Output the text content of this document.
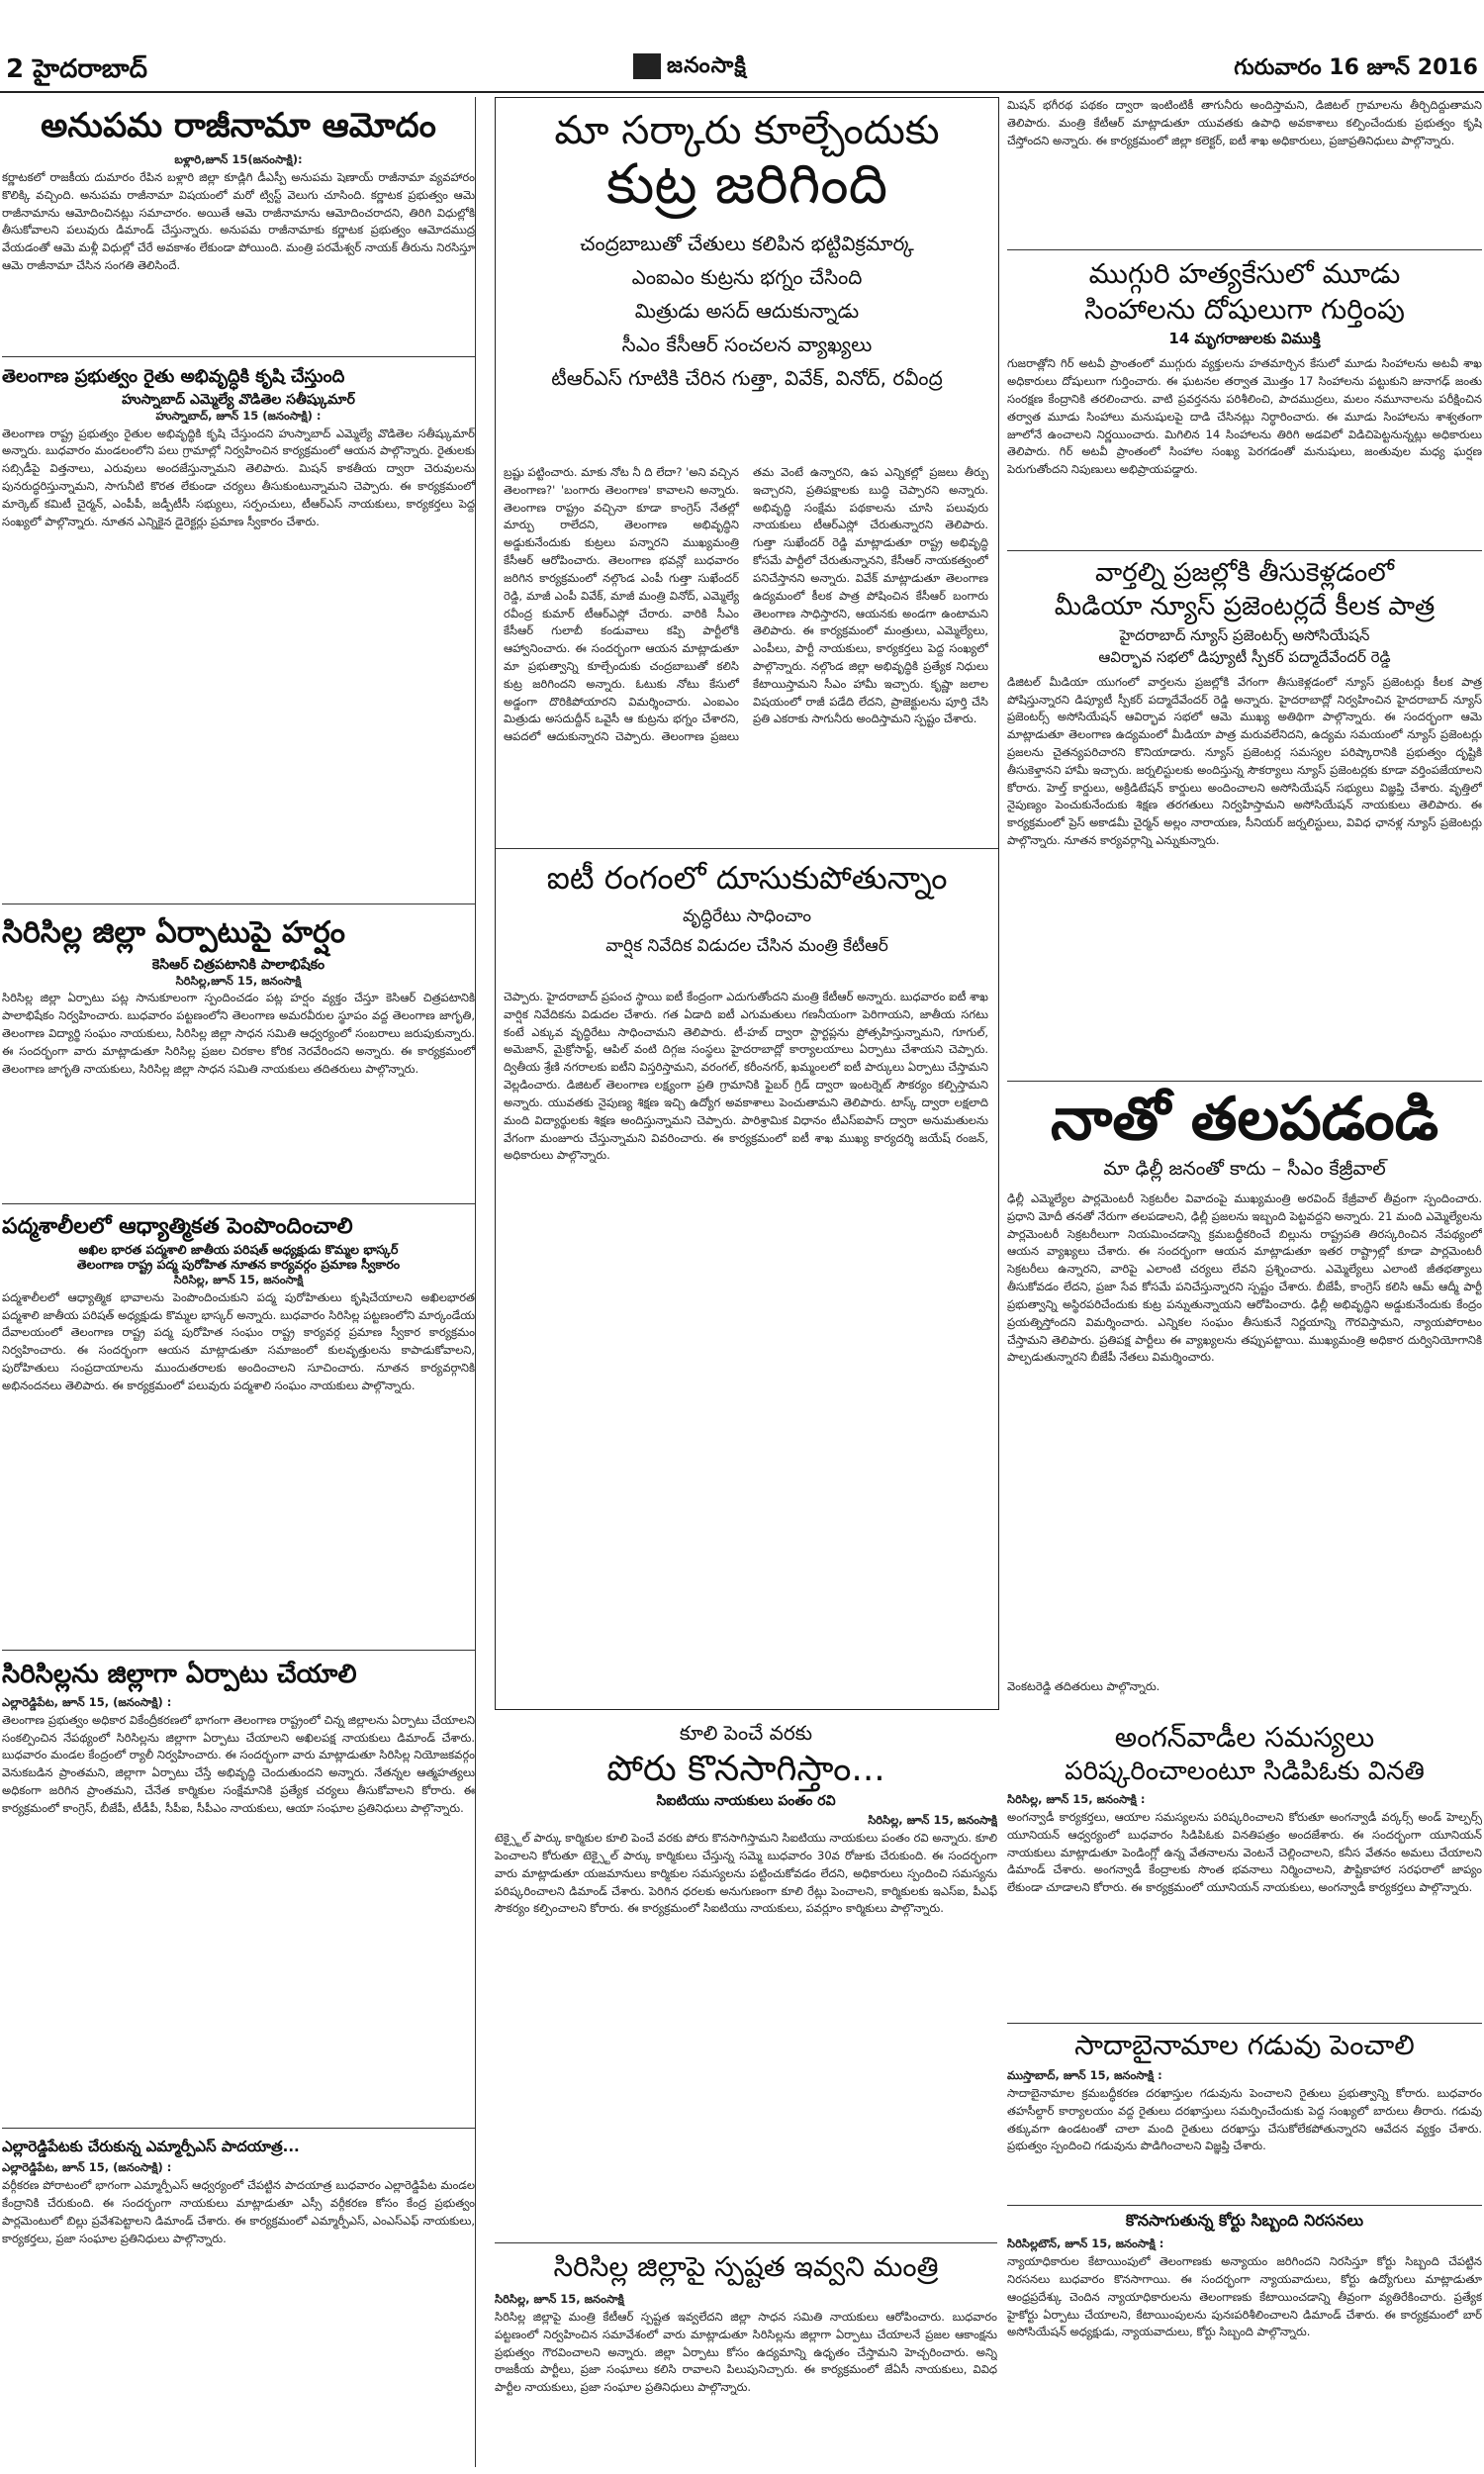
2 హైదరాబాద్	జనంసాక్షి	గురువారం 16 జూన్ 2016
అనుపమ రాజీనామా ఆమోదం
బళ్లారి,జూన్ 15(జనంసాక్షి):
కర్ణాటకలో రాజకీయ దుమారం రేపిన బళ్లారి జిల్లా కూడ్లిగి డీఎస్పీ అనుపమ షెణాయ్ రాజీనామా వ్యవహారం కొలిక్కి వచ్చింది. అనుపమ రాజీనామా విషయంలో మరో ట్విస్ట్ వెలుగు చూసింది. కర్ణాటక ప్రభుత్వం ఆమె రాజీనామాను ఆమోదించినట్లు సమాచారం. అయితే ఆమె రాజీనామాను ఆమోదించరాదని, తిరిగి విధుల్లోకి తీసుకోవాలని పలువురు డిమాండ్ చేస్తున్నారు. అనుపమ రాజీనామాకు కర్ణాటక ప్రభుత్వం ఆమోదముద్ర వేయడంతో ఆమె మళ్లీ విధుల్లో చేరే అవకాశం లేకుండా పోయింది. మంత్రి పరమేశ్వర్ నాయక్ తీరును నిరసిస్తూ ఆమె రాజీనామా చేసిన సంగతి తెలిసిందే.
తెలంగాణ ప్రభుత్వం రైతు అభివృద్ధికి కృషి చేస్తుంది
హుస్నాబాద్ ఎమ్మెల్యే వొడితెల సతీష్కుమార్
హుస్నాబాద్, జూన్ 15 (జనంసాక్షి) :
తెలంగాణ రాష్ట్ర ప్రభుత్వం రైతుల అభివృద్ధికి కృషి చేస్తుందని హుస్నాబాద్ ఎమ్మెల్యే వొడితెల సతీష్కుమార్ అన్నారు. బుధవారం మండలంలోని పలు గ్రామాల్లో నిర్వహించిన కార్యక్రమంలో ఆయన పాల్గొన్నారు. రైతులకు సబ్సిడీపై విత్తనాలు, ఎరువులు అందజేస్తున్నామని తెలిపారు. మిషన్ కాకతీయ ద్వారా చెరువులను పునరుద్ధరిస్తున్నామని, సాగునీటి కొరత లేకుండా చర్యలు తీసుకుంటున్నామని చెప్పారు. ఈ కార్యక్రమంలో మార్కెట్ కమిటీ చైర్మన్, ఎంపీపీ, జడ్పీటీసీ సభ్యులు, సర్పంచులు, టీఆర్ఎస్ నాయకులు, కార్యకర్తలు పెద్ద సంఖ్యలో పాల్గొన్నారు. నూతన ఎన్నికైన డైరెక్టర్లు ప్రమాణ స్వీకారం చేశారు.
సిరిసిల్ల జిల్లా ఏర్పాటుపై హర్షం
కెసిఆర్ చిత్రపటానికి పాలాభిషేకం
సిరిసిల్ల,జూన్ 15, జనంసాక్షి
సిరిసిల్ల జిల్లా ఏర్పాటు పట్ల సానుకూలంగా స్పందించడం పట్ల హర్షం వ్యక్తం చేస్తూ కెసిఆర్ చిత్రపటానికి పాలాభిషేకం నిర్వహించారు. బుధవారం పట్టణంలోని తెలంగాణ అమరవీరుల స్థూపం వద్ద తెలంగాణ జాగృతి, తెలంగాణ విద్యార్థి సంఘం నాయకులు, సిరిసిల్ల జిల్లా సాధన సమితి ఆధ్వర్యంలో సంబరాలు జరుపుకున్నారు. ఈ సందర్భంగా వారు మాట్లాడుతూ సిరిసిల్ల ప్రజల చిరకాల కోరిక నెరవేరిందని అన్నారు. ఈ కార్యక్రమంలో తెలంగాణ జాగృతి నాయకులు, సిరిసిల్ల జిల్లా సాధన సమితి నాయకులు తదితరులు పాల్గొన్నారు.
పద్మశాలీలలో ఆధ్యాత్మికత పెంపొందించాలి
అఖిల భారత పద్మశాలి జాతీయ పరిషత్ అధ్యక్షుడు కొమ్మల భాస్కర్
తెలంగాణ రాష్ట్ర పద్మ పురోహిత నూతన కార్యవర్గం ప్రమాణ స్వీకారం
సిరిసిల్ల, జూన్ 15, జనంసాక్షి
పద్మశాలీలలో ఆధ్యాత్మిక భావాలను పెంపొందించుకుని పద్మ పురోహితులు కృషిచేయాలని అఖిలభారత పద్మశాలి జాతీయ పరిషత్ అధ్యక్షుడు కొమ్మల భాస్కర్ అన్నారు. బుధవారం సిరిసిల్ల పట్టణంలోని మార్కండేయ దేవాలయంలో తెలంగాణ రాష్ట్ర పద్మ పురోహిత సంఘం రాష్ట్ర కార్యవర్గ ప్రమాణ స్వీకార కార్యక్రమం నిర్వహించారు. ఈ సందర్భంగా ఆయన మాట్లాడుతూ సమాజంలో కులవృత్తులను కాపాడుకోవాలని, పురోహితులు సంప్రదాయాలను ముందుతరాలకు అందించాలని సూచించారు. నూతన కార్యవర్గానికి అభినందనలు తెలిపారు. ఈ కార్యక్రమంలో పలువురు పద్మశాలి సంఘం నాయకులు పాల్గొన్నారు.
సిరిసిల్లను జిల్లాగా ఏర్పాటు చేయాలి
ఎల్లారెడ్డిపేట, జూన్ 15, (జనంసాక్షి) :
తెలంగాణ ప్రభుత్వం అధికార వికేంద్రీకరణలో భాగంగా తెలంగాణ రాష్ట్రంలో చిన్న జిల్లాలను ఏర్పాటు చేయాలని సంకల్పించిన నేపథ్యంలో సిరిసిల్లను జిల్లాగా ఏర్పాటు చేయాలని అఖిలపక్ష నాయకులు డిమాండ్ చేశారు. బుధవారం మండల కేంద్రంలో ర్యాలీ నిర్వహించారు. ఈ సందర్భంగా వారు మాట్లాడుతూ సిరిసిల్ల నియోజకవర్గం వెనుకబడిన ప్రాంతమని, జిల్లాగా ఏర్పాటు చేస్తే అభివృద్ధి చెందుతుందని అన్నారు. నేతన్నల ఆత్మహత్యలు అధికంగా జరిగిన ప్రాంతమని, చేనేత కార్మికుల సంక్షేమానికి ప్రత్యేక చర్యలు తీసుకోవాలని కోరారు. ఈ కార్యక్రమంలో కాంగ్రెస్, బీజేపీ, టీడీపీ, సీపీఐ, సీపీఎం నాయకులు, ఆయా సంఘాల ప్రతినిధులు పాల్గొన్నారు.
ఎల్లారెడ్డిపేటకు చేరుకున్న ఎమ్మార్పీఎస్ పాదయాత్ర...
ఎల్లారెడ్డిపేట, జూన్ 15, (జనంసాక్షి) :
వర్గీకరణ పోరాటంలో భాగంగా ఎమ్మార్పీఎస్ ఆధ్వర్యంలో చేపట్టిన పాదయాత్ర బుధవారం ఎల్లారెడ్డిపేట మండల కేంద్రానికి చేరుకుంది. ఈ సందర్భంగా నాయకులు మాట్లాడుతూ ఎస్సీ వర్గీకరణ కోసం కేంద్ర ప్రభుత్వం పార్లమెంటులో బిల్లు ప్రవేశపెట్టాలని డిమాండ్ చేశారు. ఈ కార్యక్రమంలో ఎమ్మార్పీఎస్, ఎంఎస్ఎఫ్ నాయకులు, కార్యకర్తలు, ప్రజా సంఘాల ప్రతినిధులు పాల్గొన్నారు.
మా సర్కారు కూల్చేందుకు
కుట్ర జరిగింది
చంద్రబాబుతో చేతులు కలిపిన భట్టివిక్రమార్క
ఎంఐఎం కుట్రను భగ్నం చేసింది
మిత్రుడు అసద్ ఆదుకున్నాడు
సీఎం కేసీఆర్ సంచలన వ్యాఖ్యలు
టీఆర్ఎస్ గూటికి చేరిన గుత్తా, వివేక్, వినోద్, రవీంద్ర
బ్రష్టు పట్టించారు. మాకు నోట నీ ది లేదా? 'అని వచ్చిన తెలంగాణ?' 'బంగారు తెలంగాణ' కావాలని అన్నారు. తెలంగాణ రాష్ట్రం వచ్చినా కూడా కాంగ్రెస్ నేతల్లో మార్పు రాలేదని, తెలంగాణ అభివృద్ధిని అడ్డుకునేందుకు కుట్రలు పన్నారని ముఖ్యమంత్రి కేసీఆర్ ఆరోపించారు. తెలంగాణ భవన్లో బుధవారం జరిగిన కార్యక్రమంలో నల్గొండ ఎంపీ గుత్తా సుఖేందర్ రెడ్డి, మాజీ ఎంపీ వివేక్, మాజీ మంత్రి వినోద్, ఎమ్మెల్యే రవీంద్ర కుమార్ టీఆర్ఎస్లో చేరారు. వారికి సీఎం కేసీఆర్ గులాబీ కండువాలు కప్పి పార్టీలోకి ఆహ్వానించారు. ఈ సందర్భంగా ఆయన మాట్లాడుతూ మా ప్రభుత్వాన్ని కూల్చేందుకు చంద్రబాబుతో కలిసి కుట్ర జరిగిందని అన్నారు. ఓటుకు నోటు కేసులో అడ్డంగా దొరికిపోయారని విమర్శించారు. ఎంఐఎం మిత్రుడు అసదుద్దీన్ ఒవైసీ ఆ కుట్రను భగ్నం చేశారని, ఆపదలో ఆదుకున్నారని చెప్పారు. తెలంగాణ ప్రజలు తమ వెంటే ఉన్నారని, ఉప ఎన్నికల్లో ప్రజలు తీర్పు ఇచ్చారని, ప్రతిపక్షాలకు బుద్ధి చెప్పారని అన్నారు. అభివృద్ధి సంక్షేమ పథకాలను చూసి పలువురు నాయకులు టీఆర్ఎస్లో చేరుతున్నారని తెలిపారు. గుత్తా సుఖేందర్ రెడ్డి మాట్లాడుతూ రాష్ట్ర అభివృద్ధి కోసమే పార్టీలో చేరుతున్నానని, కేసీఆర్ నాయకత్వంలో పనిచేస్తానని అన్నారు. వివేక్ మాట్లాడుతూ తెలంగాణ ఉద్యమంలో కీలక పాత్ర పోషించిన కేసీఆర్ బంగారు తెలంగాణ సాధిస్తారని, ఆయనకు అండగా ఉంటామని తెలిపారు. ఈ కార్యక్రమంలో మంత్రులు, ఎమ్మెల్యేలు, ఎంపీలు, పార్టీ నాయకులు, కార్యకర్తలు పెద్ద సంఖ్యలో పాల్గొన్నారు. నల్గొండ జిల్లా అభివృద్ధికి ప్రత్యేక నిధులు కేటాయిస్తామని సీఎం హామీ ఇచ్చారు. కృష్ణా జలాల విషయంలో రాజీ పడేది లేదని, ప్రాజెక్టులను పూర్తి చేసి ప్రతి ఎకరాకు సాగునీరు అందిస్తామని స్పష్టం చేశారు.
ఐటీ రంగంలో దూసుకుపోతున్నాం
వృద్ధిరేటు సాధించాం
వార్షిక నివేదిక విడుదల చేసిన మంత్రి కేటీఆర్
చెప్పారు. హైదరాబాద్ ప్రపంచ స్థాయి ఐటీ కేంద్రంగా ఎదుగుతోందని మంత్రి కేటీఆర్ అన్నారు. బుధవారం ఐటీ శాఖ వార్షిక నివేదికను విడుదల చేశారు. గత ఏడాది ఐటీ ఎగుమతులు గణనీయంగా పెరిగాయని, జాతీయ సగటు కంటే ఎక్కువ వృద్ధిరేటు సాధించామని తెలిపారు. టీ-హబ్ ద్వారా స్టార్టప్లను ప్రోత్సహిస్తున్నామని, గూగుల్, అమెజాన్, మైక్రోసాఫ్ట్, ఆపిల్ వంటి దిగ్గజ సంస్థలు హైదరాబాద్లో కార్యాలయాలు ఏర్పాటు చేశాయని చెప్పారు. ద్వితీయ శ్రేణి నగరాలకు ఐటీని విస్తరిస్తామని, వరంగల్, కరీంనగర్, ఖమ్మంలలో ఐటీ పార్కులు ఏర్పాటు చేస్తామని వెల్లడించారు. డిజిటల్ తెలంగాణ లక్ష్యంగా ప్రతి గ్రామానికి ఫైబర్ గ్రిడ్ ద్వారా ఇంటర్నెట్ సౌకర్యం కల్పిస్తామని అన్నారు. యువతకు నైపుణ్య శిక్షణ ఇచ్చి ఉద్యోగ అవకాశాలు పెంచుతామని తెలిపారు. టాస్క్ ద్వారా లక్షలాది మంది విద్యార్థులకు శిక్షణ అందిస్తున్నామని చెప్పారు. పారిశ్రామిక విధానం టీఎస్ఐపాస్ ద్వారా అనుమతులను వేగంగా మంజూరు చేస్తున్నామని వివరించారు. ఈ కార్యక్రమంలో ఐటీ శాఖ ముఖ్య కార్యదర్శి జయేష్ రంజన్, అధికారులు పాల్గొన్నారు.
కూలి పెంచే వరకు
పోరు కొనసాగిస్తాం...
సిఐటియు నాయకులు పంతం రవి
సిరిసిల్ల, జూన్ 15, జనంసాక్షి
టెక్స్టైల్ పార్కు కార్మికుల కూలి పెంచే వరకు పోరు కొనసాగిస్తామని సిఐటియు నాయకులు పంతం రవి అన్నారు. కూలి పెంచాలని కోరుతూ టెక్స్టైల్ పార్కు కార్మికులు చేస్తున్న సమ్మె బుధవారం 30వ రోజుకు చేరుకుంది. ఈ సందర్భంగా వారు మాట్లాడుతూ యజమానులు కార్మికుల సమస్యలను పట్టించుకోవడం లేదని, అధికారులు స్పందించి సమస్యను పరిష్కరించాలని డిమాండ్ చేశారు. పెరిగిన ధరలకు అనుగుణంగా కూలి రేట్లు పెంచాలని, కార్మికులకు ఇఎస్ఐ, పీఎఫ్ సౌకర్యం కల్పించాలని కోరారు. ఈ కార్యక్రమంలో సిఐటియు నాయకులు, పవర్లూం కార్మికులు పాల్గొన్నారు.
సిరిసిల్ల జిల్లాపై స్పష్టత ఇవ్వని మంత్రి
సిరిసిల్ల, జూన్ 15, జనంసాక్షి
సిరిసిల్ల జిల్లాపై మంత్రి కేటీఆర్ స్పష్టత ఇవ్వలేదని జిల్లా సాధన సమితి నాయకులు ఆరోపించారు. బుధవారం పట్టణంలో నిర్వహించిన సమావేశంలో వారు మాట్లాడుతూ సిరిసిల్లను జిల్లాగా ఏర్పాటు చేయాలనే ప్రజల ఆకాంక్షను ప్రభుత్వం గౌరవించాలని అన్నారు. జిల్లా ఏర్పాటు కోసం ఉద్యమాన్ని ఉధృతం చేస్తామని హెచ్చరించారు. అన్ని రాజకీయ పార్టీలు, ప్రజా సంఘాలు కలిసి రావాలని పిలుపునిచ్చారు. ఈ కార్యక్రమంలో జేఏసీ నాయకులు, వివిధ పార్టీల నాయకులు, ప్రజా సంఘాల ప్రతినిధులు పాల్గొన్నారు.
మిషన్ భగీరథ పథకం ద్వారా ఇంటింటికీ తాగునీరు అందిస్తామని, డిజిటల్ గ్రామాలను తీర్చిదిద్దుతామని తెలిపారు. మంత్రి కేటీఆర్ మాట్లాడుతూ యువతకు ఉపాధి అవకాశాలు కల్పించేందుకు ప్రభుత్వం కృషి చేస్తోందని అన్నారు. ఈ కార్యక్రమంలో జిల్లా కలెక్టర్, ఐటీ శాఖ అధికారులు, ప్రజాప్రతినిధులు పాల్గొన్నారు.
ముగ్గురి హత్యకేసులో మూడు
సింహాలను దోషులుగా గుర్తింపు
14 మృగరాజులకు విముక్తి
గుజరాత్లోని గిర్ అటవీ ప్రాంతంలో ముగ్గురు వ్యక్తులను హతమార్చిన కేసులో మూడు సింహాలను అటవీ శాఖ అధికారులు దోషులుగా గుర్తించారు. ఈ ఘటనల తర్వాత మొత్తం 17 సింహాలను పట్టుకుని జునాగఢ్ జంతు సంరక్షణ కేంద్రానికి తరలించారు. వాటి ప్రవర్తనను పరిశీలించి, పాదముద్రలు, మలం నమూనాలను పరీక్షించిన తర్వాత మూడు సింహాలు మనుషులపై దాడి చేసినట్లు నిర్ధారించారు. ఈ మూడు సింహాలను శాశ్వతంగా జూలోనే ఉంచాలని నిర్ణయించారు. మిగిలిన 14 సింహాలను తిరిగి అడవిలో విడిచిపెట్టనున్నట్లు అధికారులు తెలిపారు. గిర్ అటవీ ప్రాంతంలో సింహాల సంఖ్య పెరగడంతో మనుషులు, జంతువుల మధ్య ఘర్షణ పెరుగుతోందని నిపుణులు అభిప్రాయపడ్డారు.
వార్తల్ని ప్రజల్లోకి తీసుకెళ్లడంలో
మీడియా న్యూస్ ప్రజెంటర్లదే కీలక పాత్ర
హైదరాబాద్ న్యూస్ ప్రజెంటర్స్ అసోసియేషన్
ఆవిర్భావ సభలో డిప్యూటీ స్పీకర్ పద్మాదేవేందర్ రెడ్డి
డిజిటల్ మీడియా యుగంలో వార్తలను ప్రజల్లోకి వేగంగా తీసుకెళ్లడంలో న్యూస్ ప్రజెంటర్లు కీలక పాత్ర పోషిస్తున్నారని డిప్యూటీ స్పీకర్ పద్మాదేవేందర్ రెడ్డి అన్నారు. హైదరాబాద్లో నిర్వహించిన హైదరాబాద్ న్యూస్ ప్రజెంటర్స్ అసోసియేషన్ ఆవిర్భావ సభలో ఆమె ముఖ్య అతిథిగా పాల్గొన్నారు. ఈ సందర్భంగా ఆమె మాట్లాడుతూ తెలంగాణ ఉద్యమంలో మీడియా పాత్ర మరువలేనిదని, ఉద్యమ సమయంలో న్యూస్ ప్రజెంటర్లు ప్రజలను చైతన్యపరిచారని కొనియాడారు. న్యూస్ ప్రజెంటర్ల సమస్యల పరిష్కారానికి ప్రభుత్వం దృష్టికి తీసుకెళ్తానని హామీ ఇచ్చారు. జర్నలిస్టులకు అందిస్తున్న సౌకర్యాలు న్యూస్ ప్రజెంటర్లకు కూడా వర్తింపజేయాలని కోరారు. హెల్త్ కార్డులు, అక్రిడిటేషన్ కార్డులు అందించాలని అసోసియేషన్ సభ్యులు విజ్ఞప్తి చేశారు. వృత్తిలో నైపుణ్యం పెంచుకునేందుకు శిక్షణ తరగతులు నిర్వహిస్తామని అసోసియేషన్ నాయకులు తెలిపారు. ఈ కార్యక్రమంలో ప్రెస్ అకాడమీ చైర్మన్ అల్లం నారాయణ, సీనియర్ జర్నలిస్టులు, వివిధ ఛానళ్ల న్యూస్ ప్రజెంటర్లు పాల్గొన్నారు. నూతన కార్యవర్గాన్ని ఎన్నుకున్నారు.
నాతో తలపడండి
మా ఢిల్లీ జనంతో కాదు – సీఎం కేజ్రీవాల్
ఢిల్లీ ఎమ్మెల్యేల పార్లమెంటరీ సెక్రటరీల వివాదంపై ముఖ్యమంత్రి అరవింద్ కేజ్రీవాల్ తీవ్రంగా స్పందించారు. ప్రధాని మోదీ తనతో నేరుగా తలపడాలని, ఢిల్లీ ప్రజలను ఇబ్బంది పెట్టవద్దని అన్నారు. 21 మంది ఎమ్మెల్యేలను పార్లమెంటరీ సెక్రటరీలుగా నియమించడాన్ని క్రమబద్ధీకరించే బిల్లును రాష్ట్రపతి తిరస్కరించిన నేపథ్యంలో ఆయన వ్యాఖ్యలు చేశారు. ఈ సందర్భంగా ఆయన మాట్లాడుతూ ఇతర రాష్ట్రాల్లో కూడా పార్లమెంటరీ సెక్రటరీలు ఉన్నారని, వారిపై ఎలాంటి చర్యలు లేవని ప్రశ్నించారు. ఎమ్మెల్యేలు ఎలాంటి జీతభత్యాలు తీసుకోవడం లేదని, ప్రజా సేవ కోసమే పనిచేస్తున్నారని స్పష్టం చేశారు. బీజేపీ, కాంగ్రెస్ కలిసి ఆమ్ ఆద్మీ పార్టీ ప్రభుత్వాన్ని అస్థిరపరిచేందుకు కుట్ర పన్నుతున్నాయని ఆరోపించారు. ఢిల్లీ అభివృద్ధిని అడ్డుకునేందుకు కేంద్రం ప్రయత్నిస్తోందని విమర్శించారు. ఎన్నికల సంఘం తీసుకునే నిర్ణయాన్ని గౌరవిస్తామని, న్యాయపోరాటం చేస్తామని తెలిపారు. ప్రతిపక్ష పార్టీలు ఈ వ్యాఖ్యలను తప్పుపట్టాయి. ముఖ్యమంత్రి అధికార దుర్వినియోగానికి పాల్పడుతున్నారని బీజేపీ నేతలు విమర్శించారు.
వెంకటరెడ్డి తదితరులు పాల్గొన్నారు.
అంగన్‌వాడీల సమస్యలు
పరిష్కరించాలంటూ సిడిపిఓకు వినతి
సిరిసిల్ల, జూన్ 15, జనంసాక్షి :
అంగన్వాడీ కార్యకర్తలు, ఆయాల సమస్యలను పరిష్కరించాలని కోరుతూ అంగన్వాడీ వర్కర్స్ అండ్ హెల్పర్స్ యూనియన్ ఆధ్వర్యంలో బుధవారం సిడిపిఓకు వినతిపత్రం అందజేశారు. ఈ సందర్భంగా యూనియన్ నాయకులు మాట్లాడుతూ పెండింగ్లో ఉన్న వేతనాలను వెంటనే చెల్లించాలని, కనీస వేతనం అమలు చేయాలని డిమాండ్ చేశారు. అంగన్వాడీ కేంద్రాలకు సొంత భవనాలు నిర్మించాలని, పౌష్టికాహార సరఫరాలో జాప్యం లేకుండా చూడాలని కోరారు. ఈ కార్యక్రమంలో యూనియన్ నాయకులు, అంగన్వాడీ కార్యకర్తలు పాల్గొన్నారు.
సాదాబైనామాల గడువు పెంచాలి
ముస్తాబాద్, జూన్ 15, జనంసాక్షి :
సాదాబైనామాల క్రమబద్ధీకరణ దరఖాస్తుల గడువును పెంచాలని రైతులు ప్రభుత్వాన్ని కోరారు. బుధవారం తహసీల్దార్ కార్యాలయం వద్ద రైతులు దరఖాస్తులు సమర్పించేందుకు పెద్ద సంఖ్యలో బారులు తీరారు. గడువు తక్కువగా ఉండటంతో చాలా మంది రైతులు దరఖాస్తు చేసుకోలేకపోతున్నారని ఆవేదన వ్యక్తం చేశారు. ప్రభుత్వం స్పందించి గడువును పొడిగించాలని విజ్ఞప్తి చేశారు.
కొనసాగుతున్న కోర్టు సిబ్బంది నిరసనలు
సిరిసిల్లటౌన్, జూన్ 15, జనంసాక్షి :
న్యాయాధికారుల కేటాయింపులో తెలంగాణకు అన్యాయం జరిగిందని నిరసిస్తూ కోర్టు సిబ్బంది చేపట్టిన నిరసనలు బుధవారం కొనసాగాయి. ఈ సందర్భంగా న్యాయవాదులు, కోర్టు ఉద్యోగులు మాట్లాడుతూ ఆంధ్రప్రదేశ్కు చెందిన న్యాయాధికారులను తెలంగాణకు కేటాయించడాన్ని తీవ్రంగా వ్యతిరేకించారు. ప్రత్యేక హైకోర్టు ఏర్పాటు చేయాలని, కేటాయింపులను పునఃపరిశీలించాలని డిమాండ్ చేశారు. ఈ కార్యక్రమంలో బార్ అసోసియేషన్ అధ్యక్షుడు, న్యాయవాదులు, కోర్టు సిబ్బంది పాల్గొన్నారు.
